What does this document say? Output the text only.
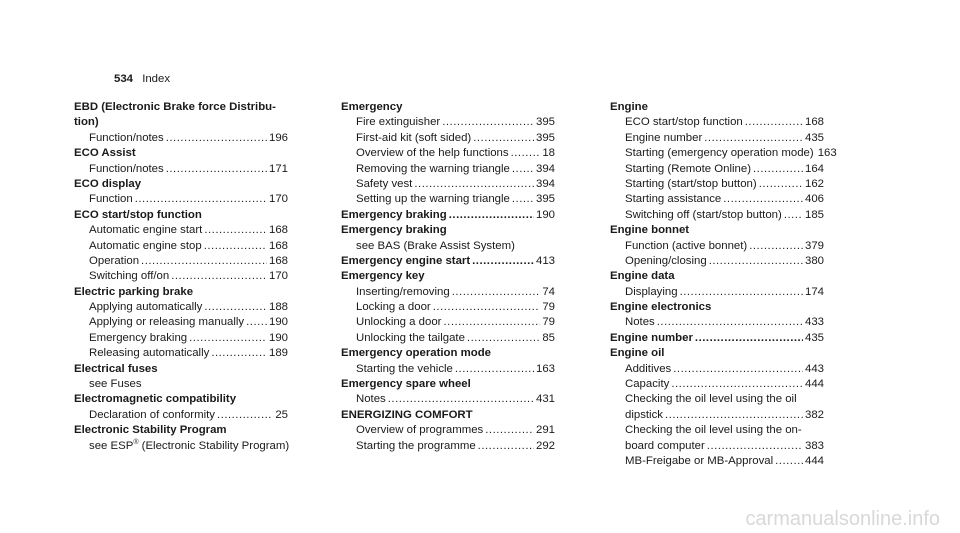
534 Index
EBD (Electronic Brake force Distribu-
tion)
Function/notes .....	196
ECO Assist
Function/notes .....	171
ECO display
Function .....	170
ECO start/stop function
Automatic engine start .....	168
Automatic engine stop .....	168
Operation .....	168
Switching off/on .....	170
Electric parking brake
Applying automatically .....	188
Applying or releasing manually ..... 190
Emergency braking .....	190
Releasing automatically .....	189
Electrical fuses
see Fuses
Electromagnetic compatibility
Declaration of conformity .....	25
Electronic Stability Program
see ESP® (Electronic Stability Program)
Emergency
Fire extinguisher .....	395
First-aid kit (soft sided) .....	395
Overview of the help functions .....	18
Removing the warning triangle ..... 394
Safety vest .....	394
Setting up the warning triangle ..... 395
Emergency braking .....	190
Emergency braking
see BAS (Brake Assist System)
Emergency engine start .....	413
Emergency key
Inserting/removing .....	74
Locking a door .....	79
Unlocking a door .....	79
Unlocking the tailgate .....	85
Emergency operation mode
Starting the vehicle .....	163
Emergency spare wheel
Notes .....	431
ENERGIZING COMFORT
Overview of programmes .....	291
Starting the programme .....	292
Engine
ECO start/stop function .....	168
Engine number .....	435
Starting (emergency operation mode) 163
Starting (Remote Online) .....	164
Starting (start/stop button) .....	162
Starting assistance .....	406
Switching off (start/stop button) ..... 185
Engine bonnet
Function (active bonnet) .....	379
Opening/closing .....	380
Engine data
Displaying .....	174
Engine electronics
Notes .....	433
Engine number .....	435
Engine oil
Additives .....	443
Capacity .....	444
Checking the oil level using the oil
dipstick .....	382
Checking the oil level using the on-
board computer .....	383
MB-Freigabe or MB-Approval .....	444
carmanualsonline.info
